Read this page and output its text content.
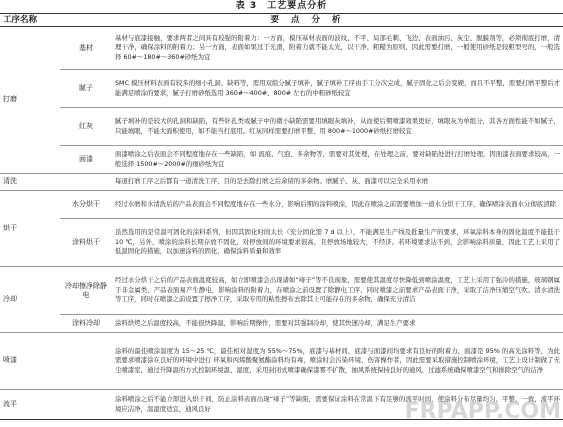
表 3　工艺要点分析
工序名称	要点分析	
打磨	基材	基材与底漆接触，要求两者之间具有较强的附着力：一方面，模压基材表面的波纹、不平、局部毛刺、飞边、表面油污、灰尘、脱膜剂等，必须彻底打磨，清理干净，确保涂料的附着力；另一方面，表面如果过于光滑，附着力就不能太光，以干净、粗糙为原则，因此需要打磨，一般使用砂纸是较粗型号的，一般选择 60#～180#～360#砂纸为宜
	腻子	SMC 模压材料表面有较多的细小孔洞、缺料等，需用双组分腻子填补，腻子填补工序由手工分次完成，腻子固化之后会变硬，而且不平整，需要打磨平整后才能满足喷涂的要求，腻子打磨砂纸选用 360#～400#、800# 左右的中粗砂纸较宜
	红灰	腻子填补的是较大的孔洞和缺陷，有些针孔类或腻子中的微小缺陷需要用填眼灰填补，从而使后期喷漆效果更好，填眼灰为单组分，其各方面性能不如腻子，只能填眼，不能大面积使用，如不能当打底用。红灰同样需要打磨平整，用 800#～1000#砂纸打磨较宜
	面漆	面漆喷涂之后表面会不同程度地存在一些缺陷，如 流痕、气泡、多余物等，需要对其处理，在处理之前，要对缺陷处进行打磨处理，因面漆表面要求较高，一般选择 1500#～2000#的细砂纸为宜
清洗		每道打磨工序之后都有一道清洗工序，目的是去除打磨之后余留的多余物。磨腻子、灰、面漆可以完全采用水磨
烘干	水分烘干	经过水磨和水清洗后的产品表面会不同程度地存在一些水分，影响后期的涂料喷涂，因此在喷涂之前需要增加一道水分烘干工序，确保喷涂表面水分彻底清除
	涂料烘干	虽然选用的是常温可固化的涂料系列，但因其固化时间太长（充分固化需 7 d 以上），不能满足生产线及批量生产的要求，环氧涂料本身的固化温度不能低于 10 ℃，另外，喷涂的涂料长期存放不固化，对停放间的环境要求很高，且停放场地较大，不经济。若环境要求达不到，会影响涂料质量，因此工艺上采用了低温固化的措施，以加速涂料的固化，确保涂料质量和效率
冷却	冷却擦净除静电	经过水分烘干之后的产品表面温度较高，如立即喷漆会出现诸如“痱子”等不良现象，需要使其温度尽快降低到喷涂温度，工艺上采用了强冷的措施，玻璃钢属于非金属类，产品表面易产生静电，影响涂料的附着力，在喷涂之前设置了除静电工序，同时喷漆之前要求产品表面干净，采取了洁净压缩空气吹、清水清洗等工序，同时在喷漆之前设置了擦净工序，采取专用的粘性擦布去除其上可能存在的多余物，确保充分清洁
	涂料冷却	涂料烘烤之后温度较高，不能很快降温，影响后期操作，需要对其强制冷却，使其快速冷却，满足生产要求
喷漆		涂料的最佳喷涂温度为 15～25 ℃，最佳相对湿度为 55%～75%，底漆与基材间、底漆与面漆间均要求有良好的附着力，面漆是 95% 的高光涂料等，为此需要求喷漆涂在良好的环境中进行 环氧和丙烯酸聚氨酯涂料均有毒，喷涂时会污染环境、伤害操作者，因此需要采取措施控制喷涂环境，工艺上设计制做了无尘喷漆室，通过升降温的方式控制环境温、湿度，采用封闭式喷漆确保漆雾不扩散，抽风系统保持良好的通风，过滤系统确保喷漆空气和排除空气的洁净
流平		涂料喷涂之后不能立即进入烘干间，防止涂料表面出现“痱子”等缺陷，需要保证涂料在常温下有足够的流平时间，使涂料分布尽量均匀、平整、一致，流平环境应洁净，温湿度适宜，通风良好	FRPAPP.COM
